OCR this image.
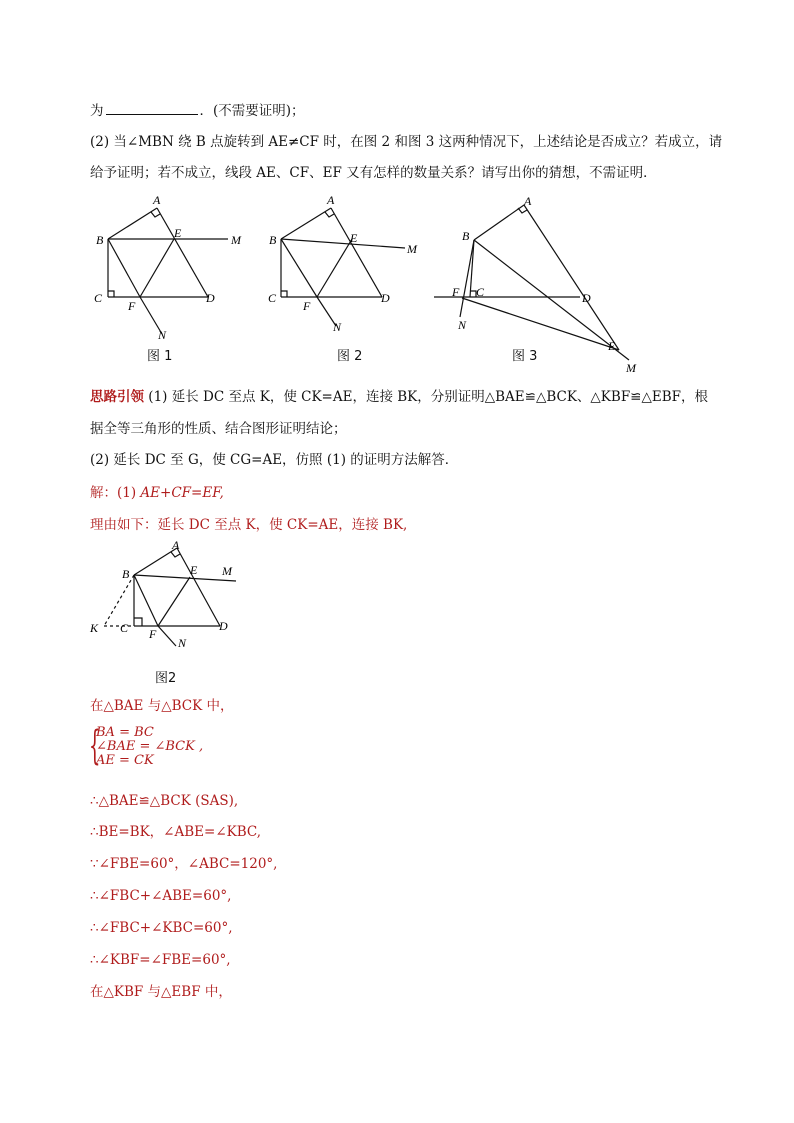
为	．(不需要证明)；
(2) 当∠MBN 绕 B 点旋转到 AE≠CF 时，在图 2 和图 3 这两种情况下，上述结论是否成立？若成立，请
给予证明；若不成立，线段 AE、CF、EF 又有怎样的数量关系？请写出你的猜想，不需证明．
B
A
E	M
C
F
D
N
B
A
E
M
C
F
D
N
B
A
F C	D
N
E
M
图 1	图 2	图 3
思路引领 (1) 延长 DC 至点 K，使 CK=AE，连接 BK，分别证明△BAE≌△BCK、△KBF≌△EBF，根
据全等三角形的性质、结合图形证明结论；
(2) 延长 DC 至 G，使 CG=AE，仿照 (1) 的证明方法解答．
解：(1) AE+CF=EF,
理由如下：延长 DC 至点 K，使 CK=AE，连接 BK,
B
A
E M
K C F
D
N
图2
在△BAE 与△BCK 中，
{
BA = BC
∠BAE = ∠BCK ,
AE = CK
∴△BAE≌△BCK (SAS),
∴BE=BK，∠ABE=∠KBC,
∵∠FBE=60°，∠ABC=120°,
∴∠FBC+∠ABE=60°,
∴∠FBC+∠KBC=60°,
∴∠KBF=∠FBE=60°,
在△KBF 与△EBF 中，
